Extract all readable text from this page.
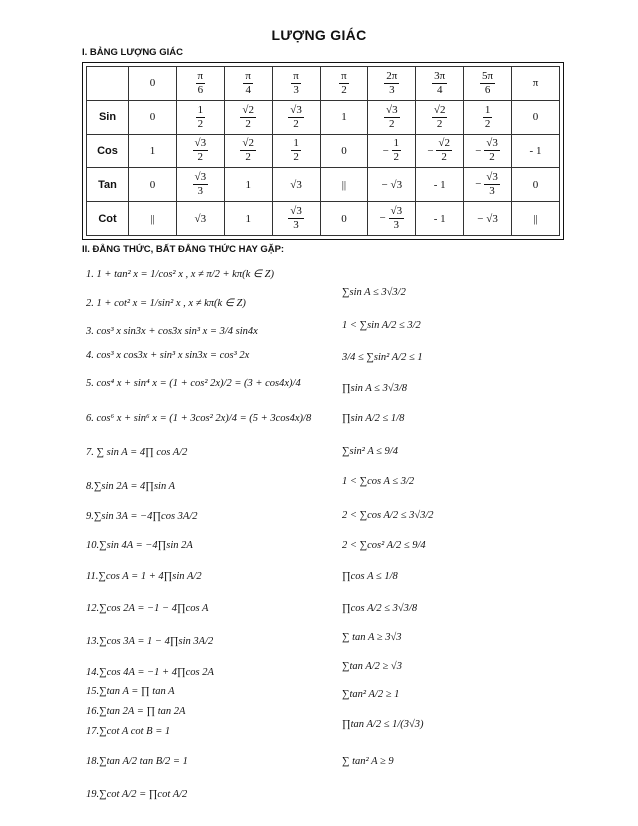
LƯỢNG GIÁC
I. BẢNG LƯỢNG GIÁC
	0	$\frac{\pi}{6}$	$\frac{\pi}{4}$	$\frac{\pi}{3}$	$\frac{\pi}{2}$	$\frac{2\pi}{3}$	$\frac{3\pi}{4}$	$\frac{5\pi}{6}$	π
Sin	0	$\frac{1}{2}$	$\frac{√2}{2}$	$\frac{√3}{2}$	1	$\frac{√3}{2}$	$\frac{√2}{2}$	$\frac{1}{2}$	0
Cos	1	$\frac{√3}{2}$	$\frac{√2}{2}$	$\frac{1}{2}$	0	− $\frac{1}{2}$	− $\frac{√2}{2}$	− $\frac{√3}{2}$	- 1
Tan	0	$\frac{√3}{3}$	1	√3	||	− √3	- 1	− $\frac{√3}{3}$	0
Cot	||	√3	1	$\frac{√3}{3}$	0	− $\frac{√3}{3}$	- 1	− √3	||
II. ĐẲNG THỨC, BẤT ĐẲNG THỨC HAY GẶP:
1. 1 + tan² x = 1/cos² x , x ≠ π/2 + kπ(k ∈ Z)
2. 1 + cot² x = 1/sin² x , x ≠ kπ(k ∈ Z)
3. cos³ x sin3x + cos3x sin³ x = 3/4 sin4x
4. cos³ x cos3x + sin³ x sin3x = cos³ 2x
5. cos⁴ x + sin⁴ x = (1 + cos² 2x)/2 = (3 + cos4x)/4
6. cos⁶ x + sin⁶ x = (1 + 3cos² 2x)/4 = (5 + 3cos4x)/8
7. ∑ sin A = 4∏ cos A/2
8.∑sin 2A = 4∏sin A
9.∑sin 3A = −4∏cos 3A/2
10.∑sin 4A = −4∏sin 2A
11.∑cos A = 1 + 4∏sin A/2
12.∑cos 2A = −1 − 4∏cos A
13.∑cos 3A = 1 − 4∏sin 3A/2
14.∑cos 4A = −1 + 4∏cos 2A
15.∑tan A = ∏ tan A
16.∑tan 2A = ∏ tan 2A
17.∑cot A cot B = 1
18.∑tan A/2 tan B/2 = 1
19.∑cot A/2 = ∏cot A/2
∑sin A ≤ 3√3/2
1 < ∑sin A/2 ≤ 3/2
3/4 ≤ ∑sin² A/2 ≤ 1
∏sin A ≤ 3√3/8
∏sin A/2 ≤ 1/8
∑sin² A ≤ 9/4
1 < ∑cos A ≤ 3/2
2 < ∑cos A/2 ≤ 3√3/2
2 < ∑cos² A/2 ≤ 9/4
∏cos A ≤ 1/8
∏cos A/2 ≤ 3√3/8
∑ tan A ≥ 3√3
∑tan A/2 ≥ √3
∑tan² A/2 ≥ 1
∏tan A/2 ≤ 1/(3√3)
∑ tan² A ≥ 9
